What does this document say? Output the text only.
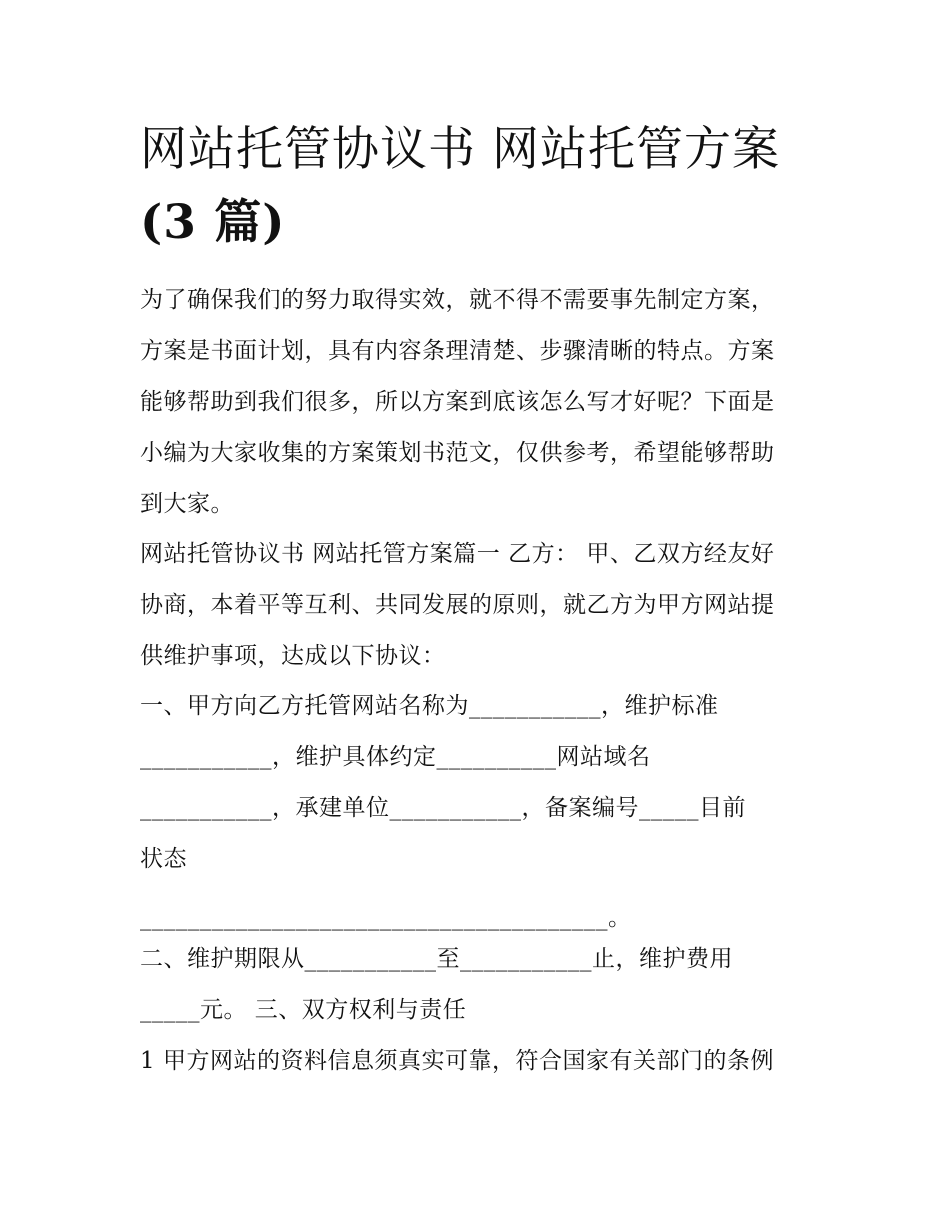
网站托管协议书 网站托管方案
(3 篇)
为了确保我们的努力取得实效，就不得不需要事先制定方案，
方案是书面计划，具有内容条理清楚、步骤清晰的特点。方案
能够帮助到我们很多，所以方案到底该怎么写才好呢？下面是
小编为大家收集的方案策划书范文，仅供参考，希望能够帮助
到大家。
网站托管协议书 网站托管方案篇一 乙方： 甲、乙双方经友好
协商，本着平等互利、共同发展的原则，就乙方为甲方网站提
供维护事项，达成以下协议：
一、甲方向乙方托管网站名称为___________，维护标准
___________，维护具体约定__________网站域名
___________，承建单位___________，备案编号_____目前
状态
_______________________________________。
二、维护期限从___________至___________止，维护费用
_____元。 三、双方权利与责任
1 甲方网站的资料信息须真实可靠，符合国家有关部门的条例
